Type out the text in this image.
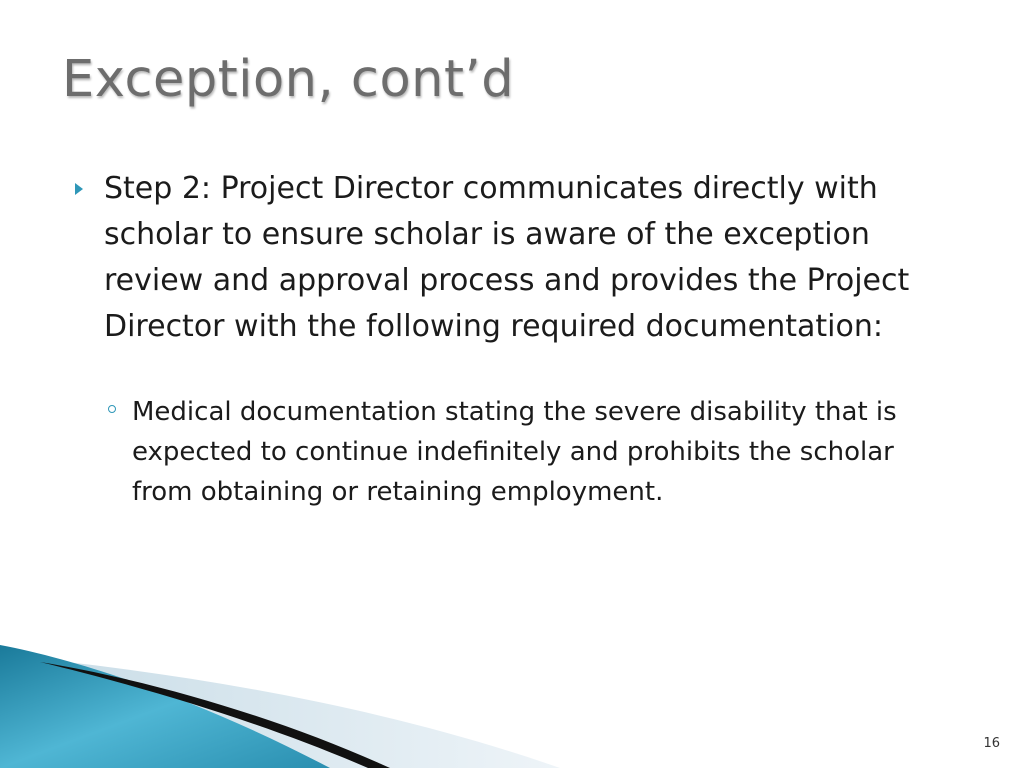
Exception, cont’d
Step 2: Project Director communicates directly with scholar to ensure scholar is aware of the exception review and approval process and provides the Project Director with the following required documentation:
Medical documentation stating the severe disability that is expected to continue indefinitely and prohibits the scholar from obtaining or retaining employment.
16
